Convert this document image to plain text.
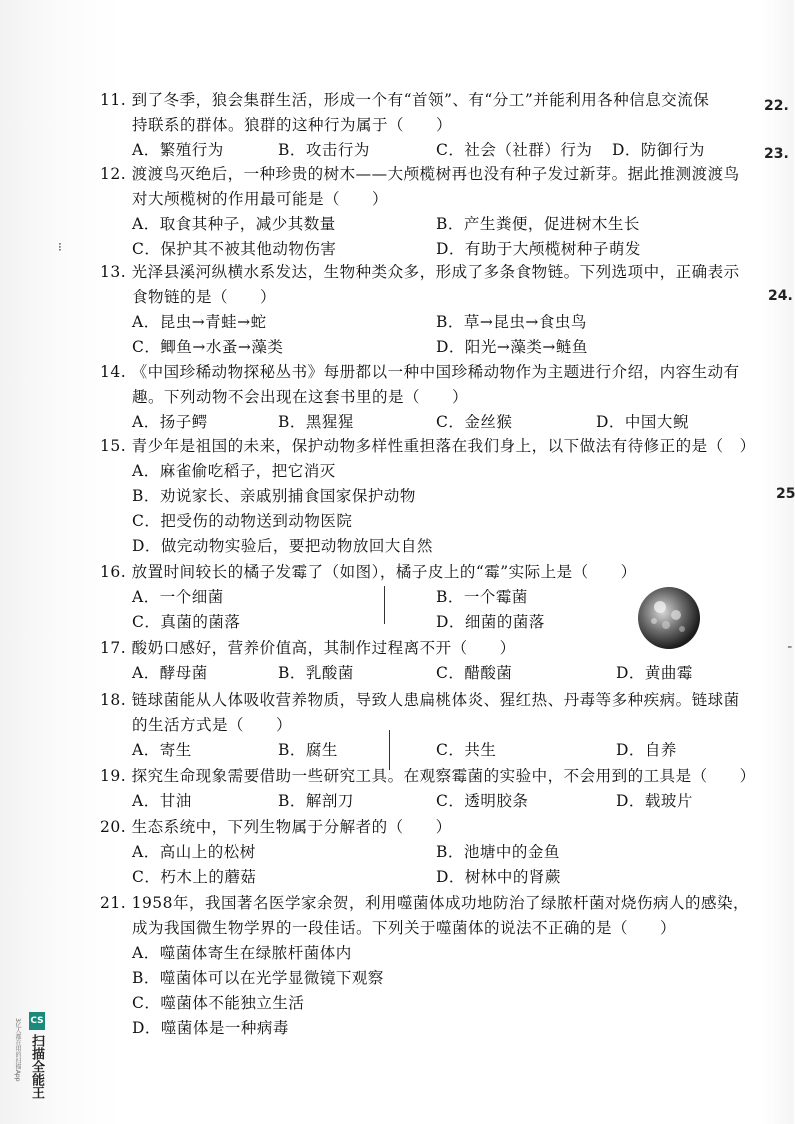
22.
23.
24.
25
⁝
╴
11. 到了冬季，狼会集群生活，形成一个有“首领”、有“分工”并能利用各种信息交流保
持联系的群体。狼群的这种行为属于（　　）
A．繁殖行为	B．攻击行为	C．社会（社群）行为 D．防御行为
12. 渡渡鸟灭绝后，一种珍贵的树木——大颅榄树再也没有种子发过新芽。据此推测渡渡鸟
对大颅榄树的作用最可能是（　　）
A．取食其种子，减少其数量	B．产生粪便，促进树木生长
C．保护其不被其他动物伤害	D．有助于大颅榄树种子萌发
13. 光泽县溪河纵横水系发达，生物种类众多，形成了多条食物链。下列选项中，正确表示
食物链的是（　　）
A．昆虫→青蛙→蛇	B．草→昆虫→食虫鸟
C．鲫鱼→水蚤→藻类	D．阳光→藻类→鲢鱼
14. 《中国珍稀动物探秘丛书》每册都以一种中国珍稀动物作为主题进行介绍，内容生动有
趣。下列动物不会出现在这套书里的是（　　）
A．扬子鳄	B．黑猩猩	C．金丝猴	D．中国大鲵
15. 青少年是祖国的未来，保护动物多样性重担落在我们身上，以下做法有待修正的是（　）
A．麻雀偷吃稻子，把它消灭
B．劝说家长、亲戚别捕食国家保护动物
C．把受伤的动物送到动物医院
D．做完动物实验后，要把动物放回大自然
16. 放置时间较长的橘子发霉了（如图），橘子皮上的“霉”实际上是（　　）
A．一个细菌	B．一个霉菌
C．真菌的菌落	D．细菌的菌落
17. 酸奶口感好，营养价值高，其制作过程离不开（　　）
A．酵母菌	B．乳酸菌	C．醋酸菌	D．黄曲霉
18. 链球菌能从人体吸收营养物质，导致人患扁桃体炎、猩红热、丹毒等多种疾病。链球菌
的生活方式是（　　）
A．寄生	B．腐生	C．共生	D．自养
19. 探究生命现象需要借助一些研究工具。在观察霉菌的实验中，不会用到的工具是（　　）
A．甘油	B．解剖刀	C．透明胶条	D．载玻片
20. 生态系统中，下列生物属于分解者的（　　）
A．高山上的松树	B．池塘中的金鱼
C．朽木上的蘑菇	D．树林中的肾蕨
21. 1958年，我国著名医学家余贺，利用噬菌体成功地防治了绿脓杆菌对烧伤病人的感染，
成为我国微生物学界的一段佳话。下列关于噬菌体的说法不正确的是（　　）
A．噬菌体寄生在绿脓杆菌体内
B．噬菌体可以在光学显微镜下观察
C．噬菌体不能独立生活
D．噬菌体是一种病毒
CS
扫描全能王
3亿人都在用的扫描App
